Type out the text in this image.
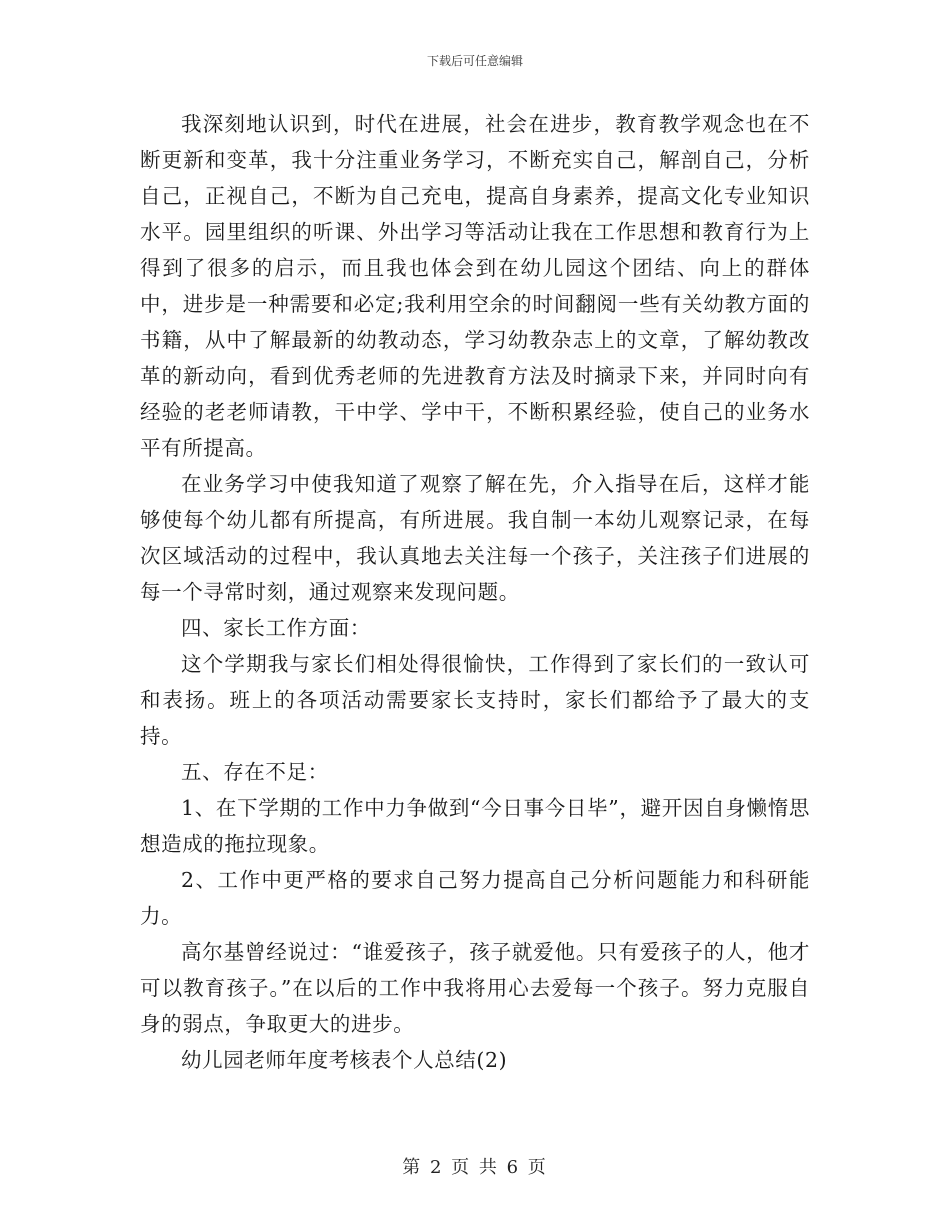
下载后可任意编辑

我深刻地认识到，时代在进展，社会在进步，教育教学观念也在不断更新和变革，我十分注重业务学习，不断充实自己，解剖自己，分析自己，正视自己，不断为自己充电，提高自身素养，提高文化专业知识水平。园里组织的听课、外出学习等活动让我在工作思想和教育行为上得到了很多的启示，而且我也体会到在幼儿园这个团结、向上的群体中，进步是一种需要和必定;我利用空余的时间翻阅一些有关幼教方面的书籍，从中了解最新的幼教动态，学习幼教杂志上的文章，了解幼教改革的新动向，看到优秀老师的先进教育方法及时摘录下来，并同时向有经验的老老师请教，干中学、学中干，不断积累经验，使自己的业务水平有所提高。

在业务学习中使我知道了观察了解在先，介入指导在后，这样才能够使每个幼儿都有所提高，有所进展。我自制一本幼儿观察记录，在每次区域活动的过程中，我认真地去关注每一个孩子，关注孩子们进展的每一个寻常时刻，通过观察来发现问题。

四、家长工作方面：

这个学期我与家长们相处得很愉快，工作得到了家长们的一致认可和表扬。班上的各项活动需要家长支持时，家长们都给予了最大的支持。

五、存在不足：

1、在下学期的工作中力争做到“今日事今日毕”，避开因自身懒惰思想造成的拖拉现象。

2、工作中更严格的要求自己努力提高自己分析问题能力和科研能力。

高尔基曾经说过：“谁爱孩子，孩子就爱他。只有爱孩子的人，他才可以教育孩子。”在以后的工作中我将用心去爱每一个孩子。努力克服自身的弱点，争取更大的进步。

幼儿园老师年度考核表个人总结(2)

第 2 页 共 6 页
